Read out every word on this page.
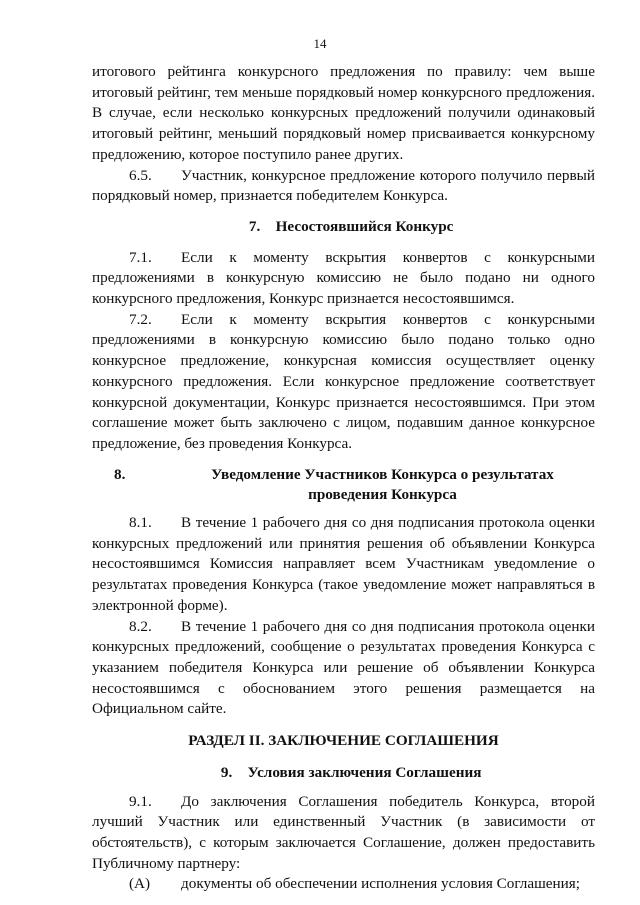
14

итогового рейтинга конкурсного предложения по правилу: чем выше итоговый рейтинг, тем меньше порядковый номер конкурсного предложения. В случае, если несколько конкурсных предложений получили одинаковый итоговый рейтинг, меньший порядковый номер присваивается конкурсному предложению, которое поступило ранее других.

6.5. Участник, конкурсное предложение которого получило первый порядковый номер, признается победителем Конкурса.

7. Несостоявшийся Конкурс

7.1. Если к моменту вскрытия конвертов с конкурсными предложениями в конкурсную комиссию не было подано ни одного конкурсного предложения, Конкурс признается несостоявшимся.

7.2. Если к моменту вскрытия конвертов с конкурсными предложениями в конкурсную комиссию было подано только одно конкурсное предложение, конкурсная комиссия осуществляет оценку конкурсного предложения. Если конкурсное предложение соответствует конкурсной документации, Конкурс признается несостоявшимся. При этом соглашение может быть заключено с лицом, подавшим данное конкурсное предложение, без проведения Конкурса.

8.	Уведомление Участников Конкурса о результатах проведения Конкурса

8.1. В течение 1 рабочего дня со дня подписания протокола оценки конкурсных предложений или принятия решения об объявлении Конкурса несостоявшимся Комиссия направляет всем Участникам уведомление о результатах проведения Конкурса (такое уведомление может направляться в электронной форме).

8.2. В течение 1 рабочего дня со дня подписания протокола оценки конкурсных предложений, сообщение о результатах проведения Конкурса с указанием победителя Конкурса или решение об объявлении Конкурса несостоявшимся с обоснованием этого решения размещается на Официальном сайте.

РАЗДЕЛ II. ЗАКЛЮЧЕНИЕ СОГЛАШЕНИЯ
9. Условия заключения Соглашения

9.1. До заключения Соглашения победитель Конкурса, второй лучший Участник или единственный Участник (в зависимости от обстоятельств), с которым заключается Соглашение, должен предоставить Публичному партнеру:

(А) документы об обеспечении исполнения условия Соглашения;
